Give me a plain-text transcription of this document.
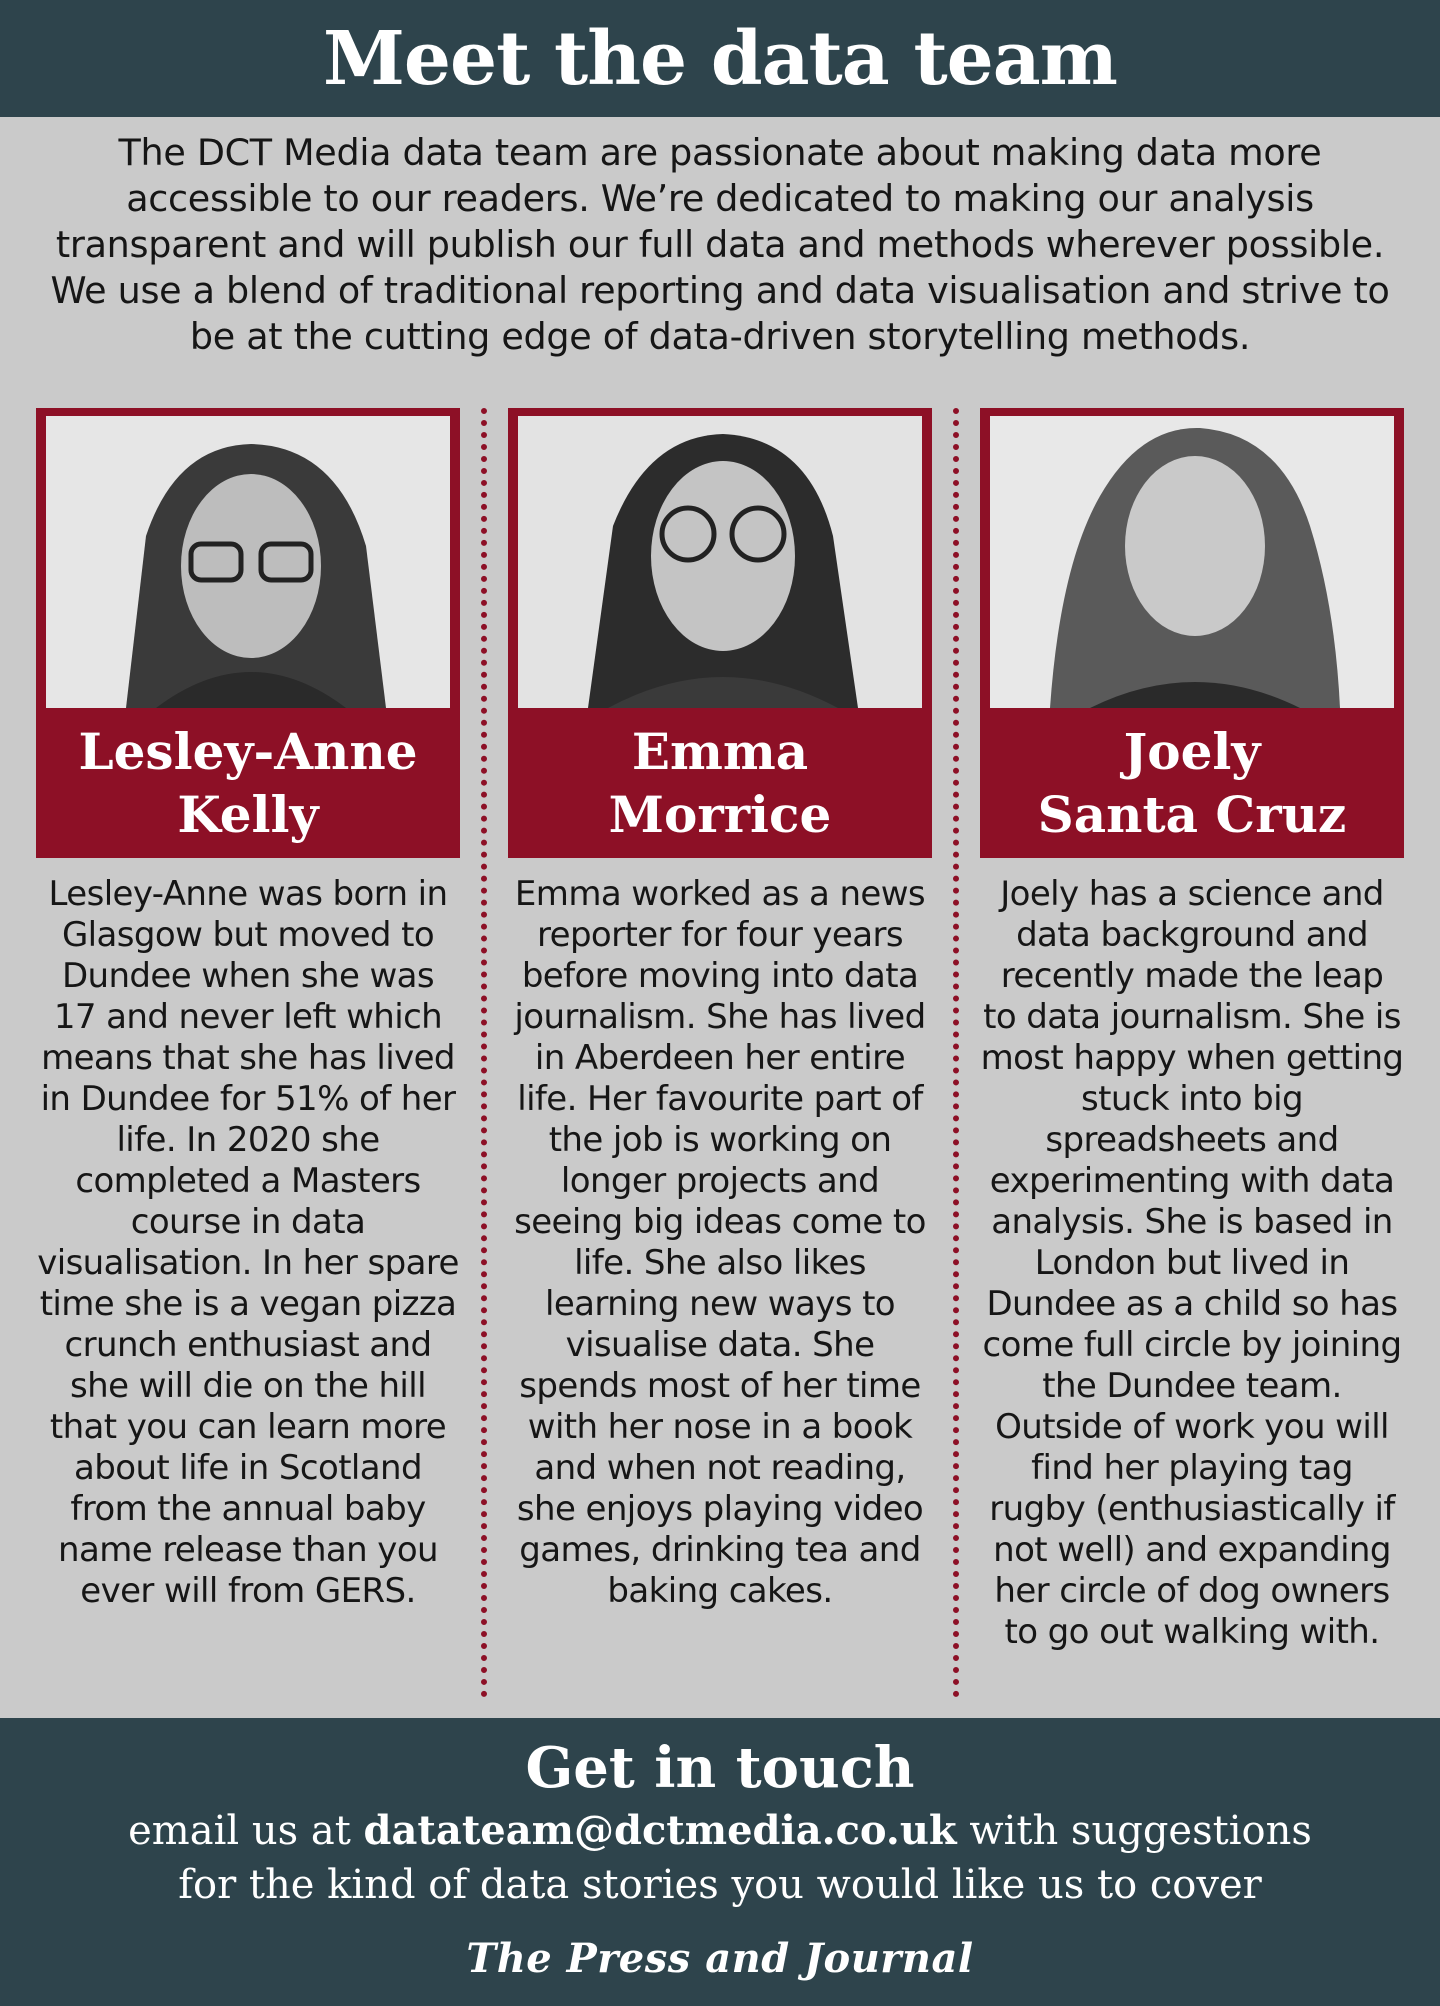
Meet the data team
The DCT Media data team are passionate about making data more accessible to our readers. We’re dedicated to making our analysis transparent and will publish our full data and methods wherever possible. We use a blend of traditional reporting and data visualisation and strive to be at the cutting edge of data-driven storytelling methods.
Lesley-Anne
Kelly
Lesley-Anne was born in Glasgow but moved to Dundee when she was 17 and never left which means that she has lived in Dundee for 51% of her life. In 2020 she completed a Masters course in data visualisation. In her spare time she is a vegan pizza crunch enthusiast and she will die on the hill that you can learn more about life in Scotland from the annual baby name release than you ever will from GERS.
Emma
Morrice
Emma worked as a news reporter for four years before moving into data journalism. She has lived in Aberdeen her entire life. Her favourite part of the job is working on longer projects and seeing big ideas come to life. She also likes learning new ways to visualise data. She spends most of her time with her nose in a book and when not reading, she enjoys playing video games, drinking tea and baking cakes.
Joely
Santa Cruz
Joely has a science and data background and recently made the leap to data journalism. She is most happy when getting stuck into big spreadsheets and experimenting with data analysis. She is based in London but lived in Dundee as a child so has come full circle by joining the Dundee team. Outside of work you will find her playing tag rugby (enthusiastically if not well) and expanding her circle of dog owners to go out walking with.
Get in touch
email us at datateam@dctmedia.co.uk with suggestions
for the kind of data stories you would like us to cover
The Press and Journal
